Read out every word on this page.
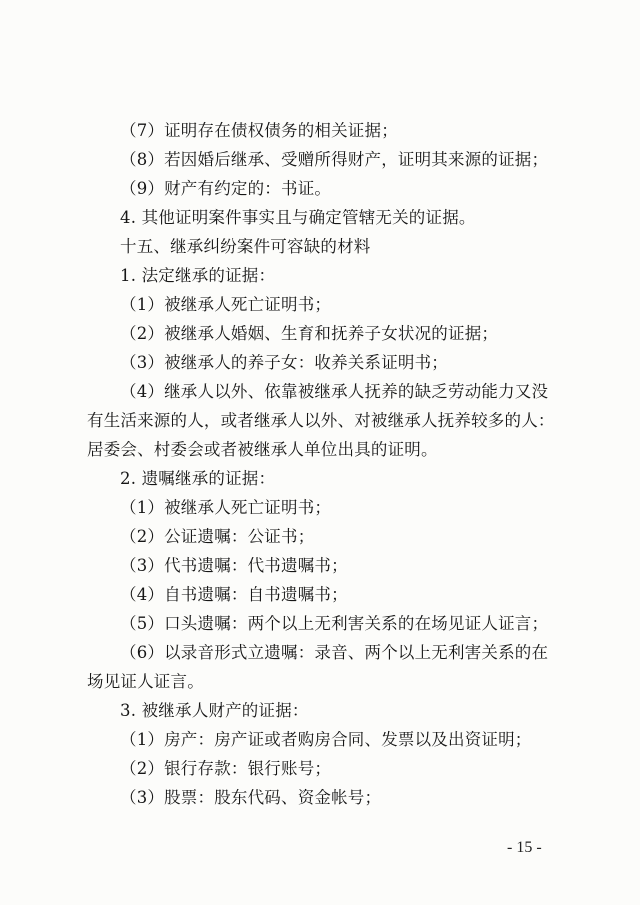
（7）证明存在债权债务的相关证据；
（8）若因婚后继承、受赠所得财产，证明其来源的证据；
（9）财产有约定的：书证。
4. 其他证明案件事实且与确定管辖无关的证据。
十五、继承纠纷案件可容缺的材料
1. 法定继承的证据：
（1）被继承人死亡证明书；
（2）被继承人婚姻、生育和抚养子女状况的证据；
（3）被继承人的养子女：收养关系证明书；
（4）继承人以外、依靠被继承人抚养的缺乏劳动能力又没
有生活来源的人，或者继承人以外、对被继承人抚养较多的人：
居委会、村委会或者被继承人单位出具的证明。
2. 遗嘱继承的证据：
（1）被继承人死亡证明书；
（2）公证遗嘱：公证书；
（3）代书遗嘱：代书遗嘱书；
（4）自书遗嘱：自书遗嘱书；
（5）口头遗嘱：两个以上无利害关系的在场见证人证言；
（6）以录音形式立遗嘱：录音、两个以上无利害关系的在
场见证人证言。
3. 被继承人财产的证据：
（1）房产：房产证或者购房合同、发票以及出资证明；
（2）银行存款：银行账号；
（3）股票：股东代码、资金帐号；
- 15 -
